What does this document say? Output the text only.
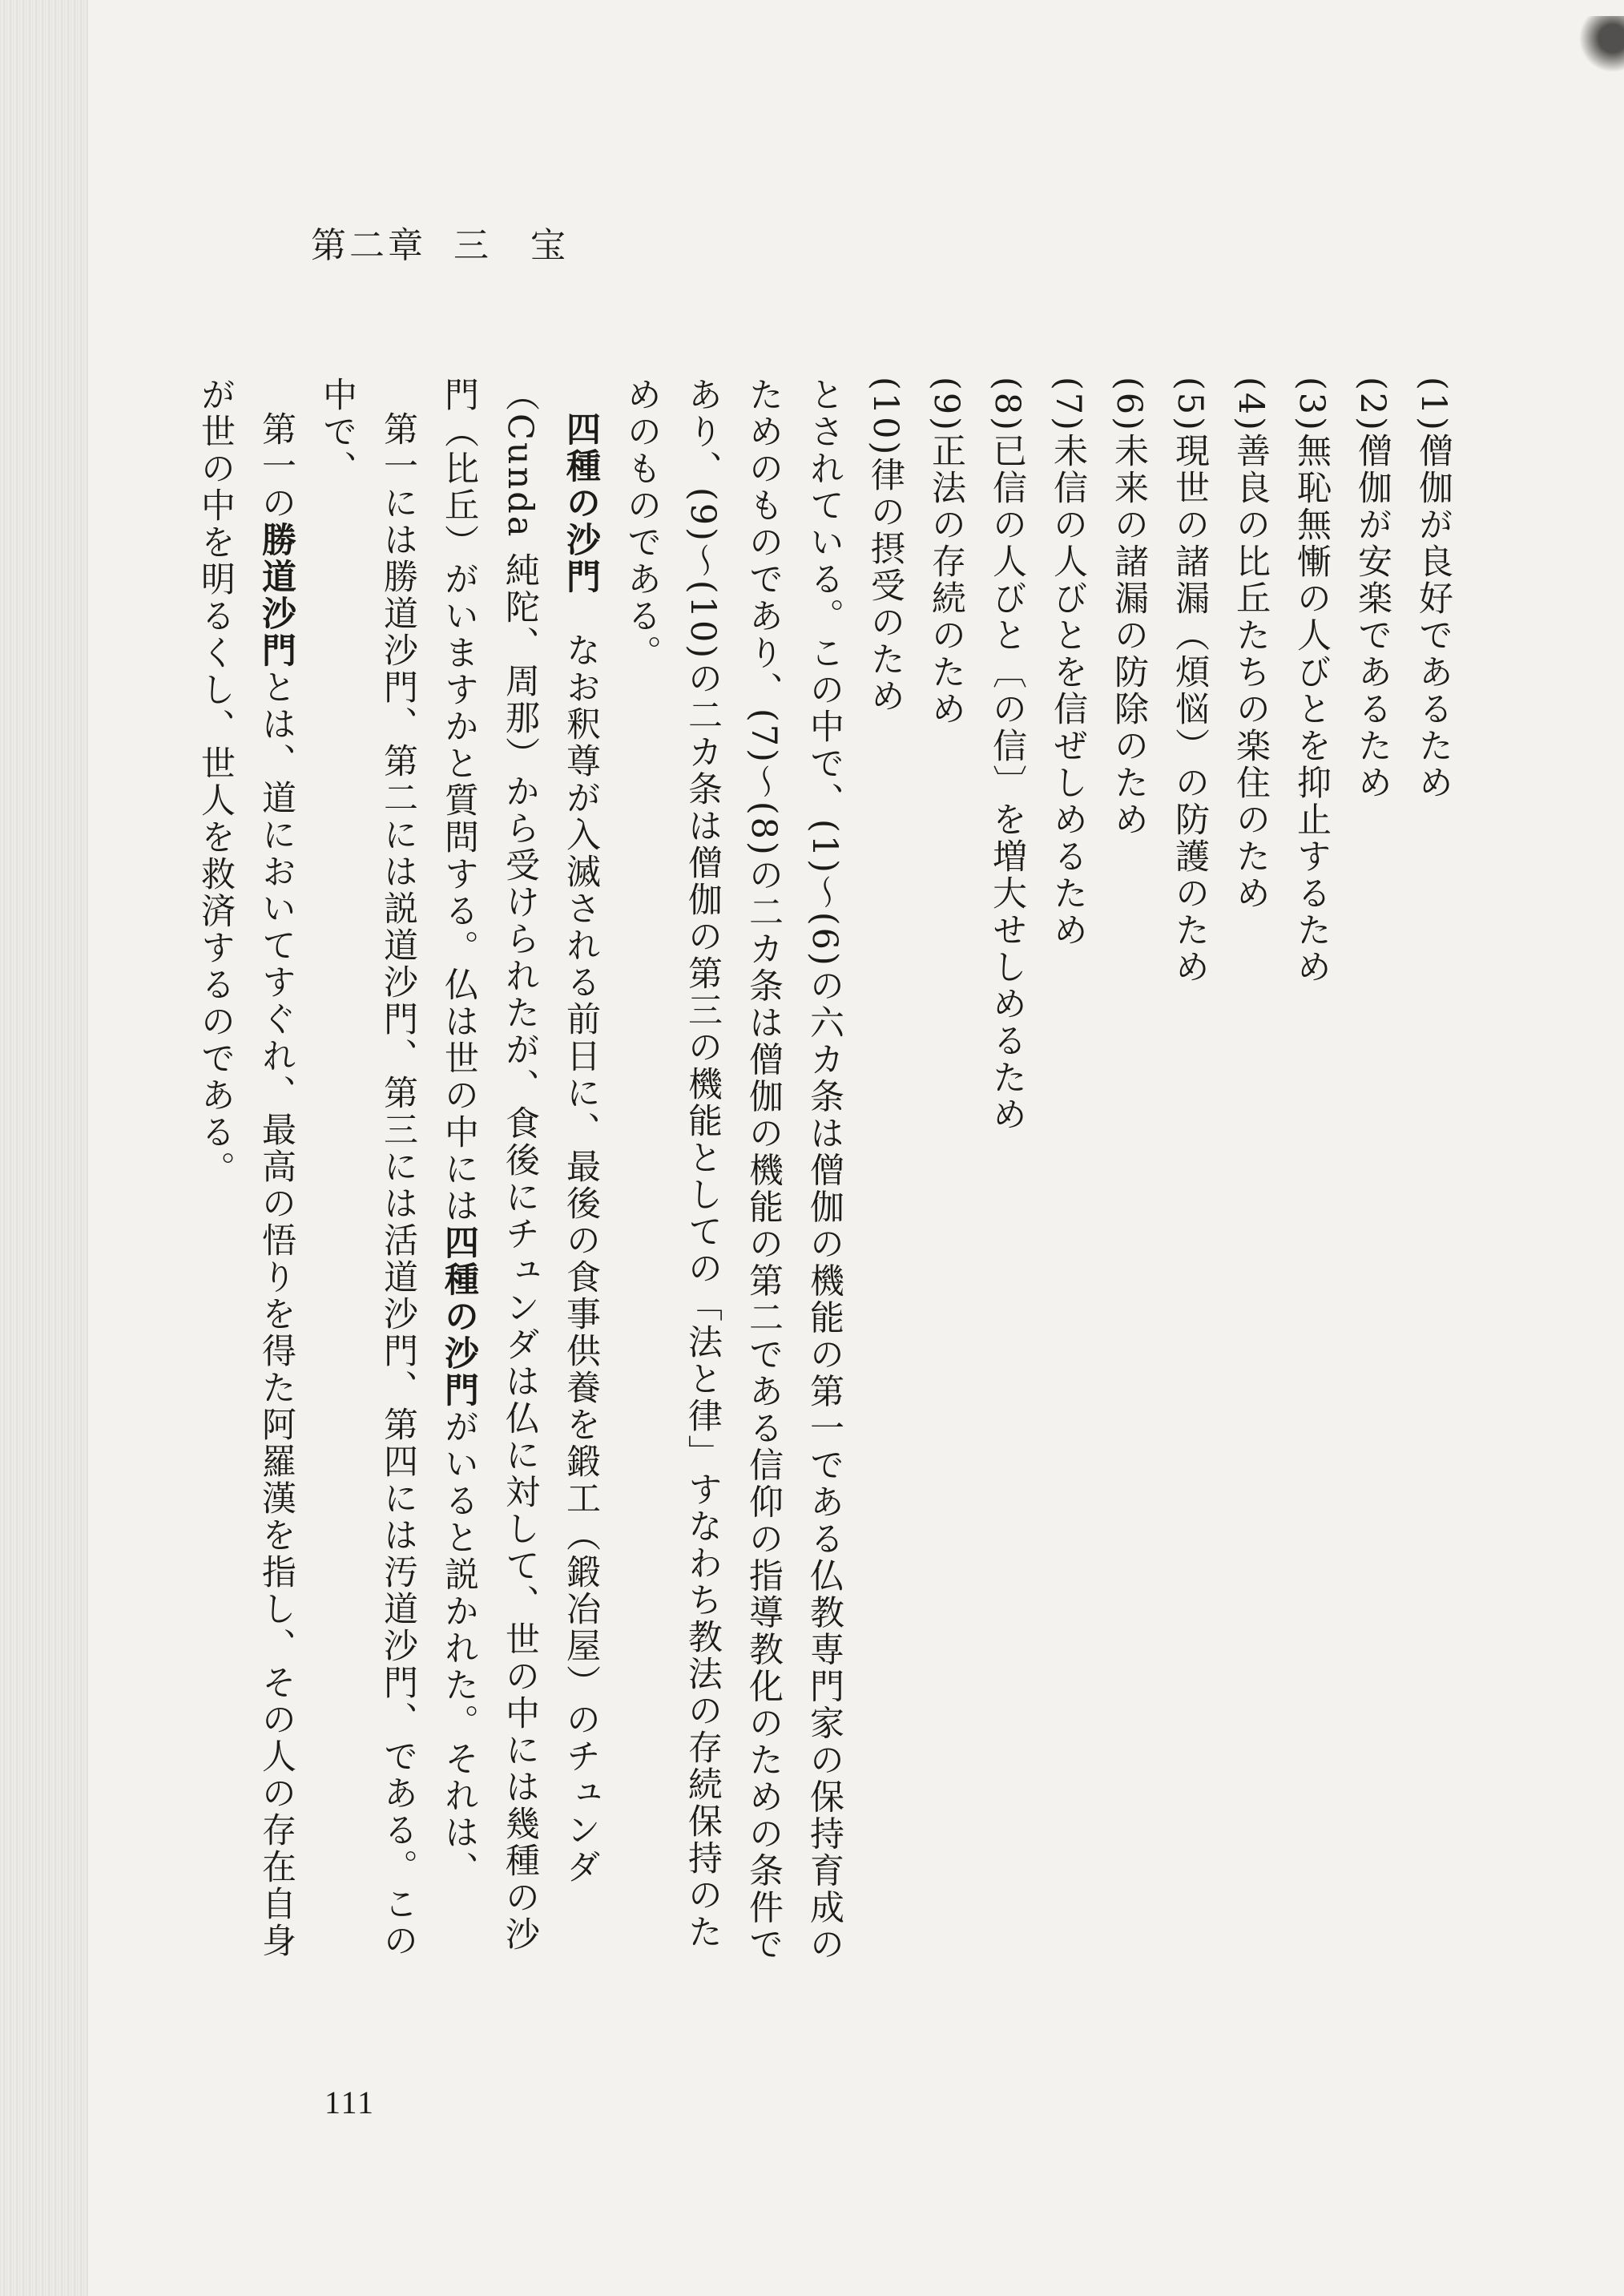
第二章 三　宝
(1)僧伽が良好であるため
(2)僧伽が安楽であるため
(3)無恥無慚の人びとを抑止するため
(4)善良の比丘たちの楽住のため
(5)現世の諸漏（煩悩）の防護のため
(6)未来の諸漏の防除のため
(7)未信の人びとを信ぜしめるため
(8)已信の人びと〔の信〕を増大せしめるため
(9)正法の存続のため
(10)律の摂受のため

とされている。この中で、(1)～(6)の六カ条は僧伽の機能の第一である仏教専門家の保持育成のためのものであり、(7)～(8)の二カ条は僧伽の機能の第二である信仰の指導教化のための条件であり、(9)～(10)の二カ条は僧伽の第三の機能としての「法と律」すなわち教法の存続保持のためのものである。

四種の沙門　なお釈尊が入滅される前日に、最後の食事供養を鍛工（鍛冶屋）のチュンダ（Cunda 純陀、周那）から受けられたが、食後にチュンダは仏に対して、世の中には幾種の沙門（比丘）がいますかと質問する。仏は世の中には四種の沙門がいると説かれた。それは、

第一には勝道沙門、第二には説道沙門、第三には活道沙門、第四には汚道沙門、である。この中で、

第一の勝道沙門とは、道においてすぐれ、最高の悟りを得た阿羅漢を指し、その人の存在自身が世の中を明るくし、世人を救済するのである。

111
